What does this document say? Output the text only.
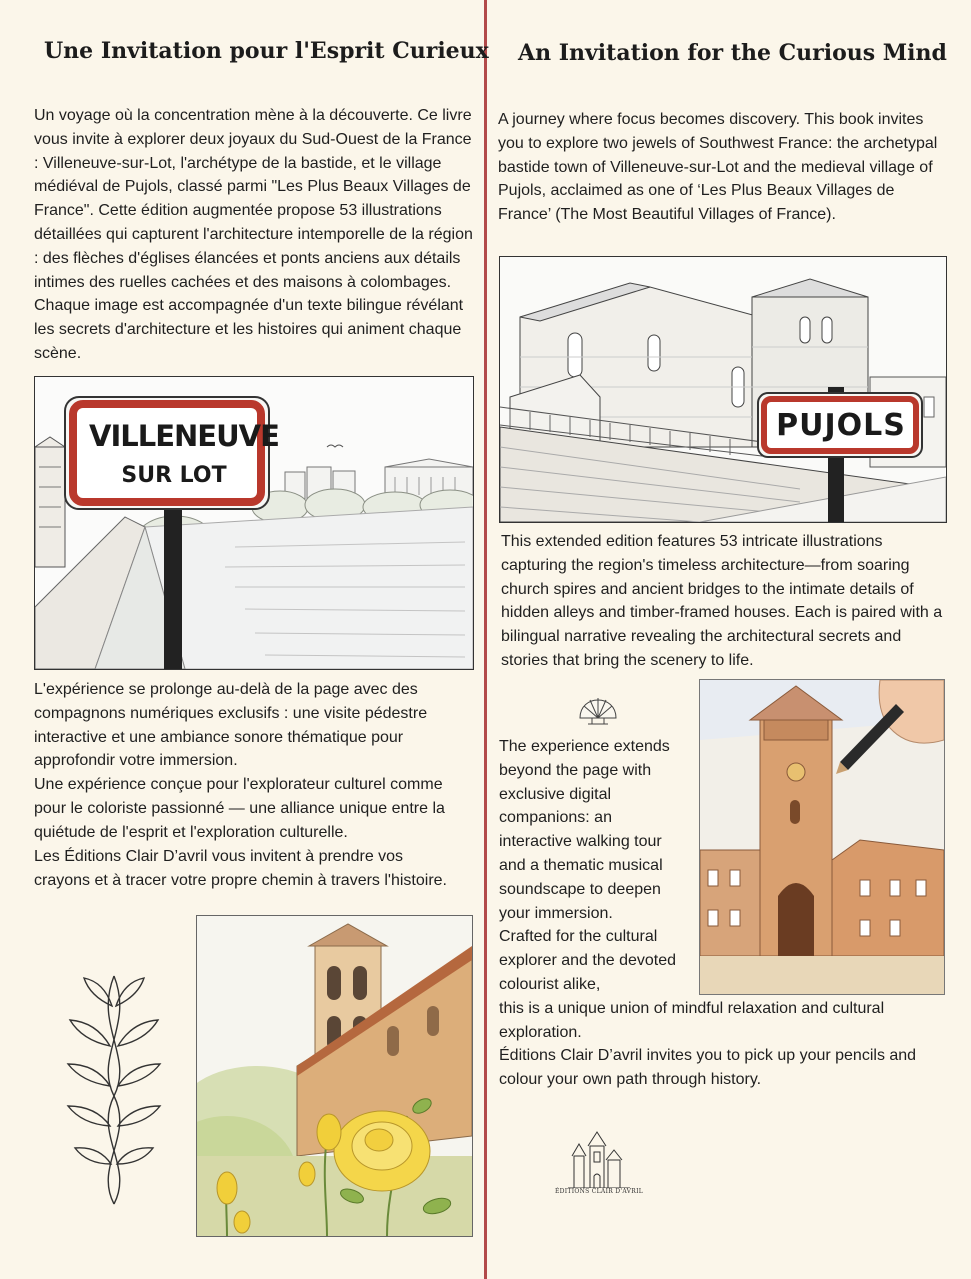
Une Invitation pour l'Esprit Curieux

Un voyage où la concentration mène à la découverte. Ce livre vous invite à explorer deux joyaux du Sud-Ouest de la France : Villeneuve-sur-Lot, l'archétype de la bastide, et le village médiéval de Pujols, classé parmi "Les Plus Beaux Villages de France". Cette édition augmentée propose 53 illustrations détaillées qui capturent l'architecture intemporelle de la région : des flèches d'églises élancées et ponts anciens aux détails intimes des ruelles cachées et des maisons à colombages. Chaque image est accompagnée d'un texte bilingue révélant les secrets d'architecture et les histoires qui animent chaque scène.

VILLENEUVE
SUR LOT

L'expérience se prolonge au-delà de la page avec des compagnons numériques exclusifs : une visite pédestre interactive et une ambiance sonore thématique pour approfondir votre immersion.

Une expérience conçue pour l'explorateur culturel comme pour le coloriste passionné — une alliance unique entre la quiétude de l'esprit et l'exploration culturelle.

Les Éditions Clair D’avril vous invitent à prendre vos crayons et à tracer votre propre chemin à travers l'histoire.

An Invitation for the Curious Mind

A journey where focus becomes discovery. This book invites you to explore two jewels of Southwest France: the archetypal bastide town of Villeneuve-sur-Lot and the medieval village of Pujols, acclaimed as one of ‘Les Plus Beaux Villages de France’ (The Most Beautiful Villages of France).

PUJOLS

This extended edition features 53 intricate illustrations capturing the region's timeless architecture—from soaring church spires and ancient bridges to the intimate details of hidden alleys and timber-framed houses. Each is paired with a bilingual narrative revealing the architectural secrets and stories that bring the scenery to life.

The experience extends beyond the page with exclusive digital companions: an interactive walking tour and a thematic musical soundscape to deepen your immersion.

Crafted for the cultural explorer and the devoted colourist alike,

this is a unique union of mindful relaxation and cultural exploration.

Éditions Clair D’avril invites you to pick up your pencils and colour your own path through history.

ÉDITIONS CLAIR D'AVRIL
